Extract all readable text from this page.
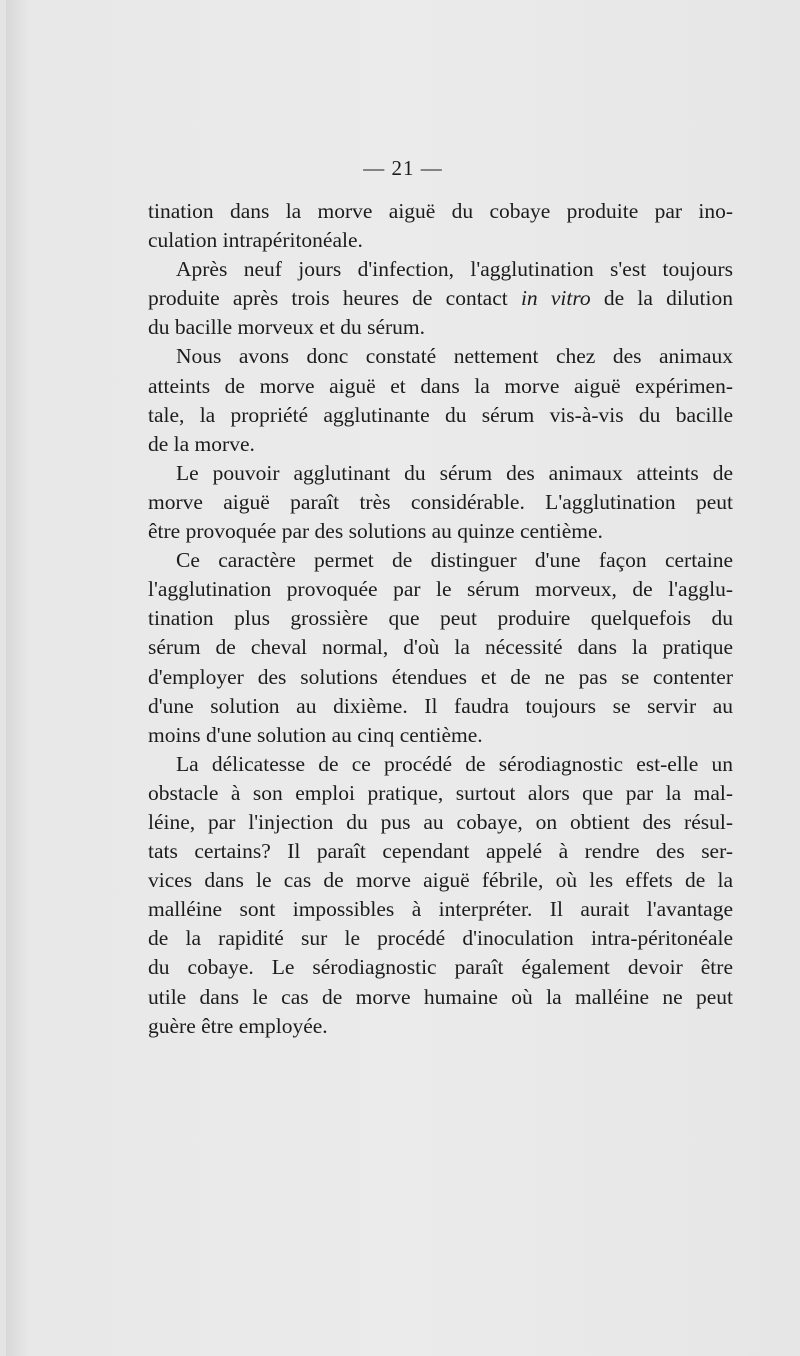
— 21 —
tination dans la morve aiguë du cobaye produite par ino-
culation intrapéritonéale.
Après neuf jours d'infection, l'agglutination s'est toujours
produite après trois heures de contact in vitro de la dilution
du bacille morveux et du sérum.
Nous avons donc constaté nettement chez des animaux
atteints de morve aiguë et dans la morve aiguë expérimen-
tale, la propriété agglutinante du sérum vis-à-vis du bacille
de la morve.
Le pouvoir agglutinant du sérum des animaux atteints de
morve aiguë paraît très considérable. L'agglutination peut
être provoquée par des solutions au quinze centième.
Ce caractère permet de distinguer d'une façon certaine
l'agglutination provoquée par le sérum morveux, de l'agglu-
tination plus grossière que peut produire quelquefois du
sérum de cheval normal, d'où la nécessité dans la pratique
d'employer des solutions étendues et de ne pas se contenter
d'une solution au dixième. Il faudra toujours se servir au
moins d'une solution au cinq centième.
La délicatesse de ce procédé de sérodiagnostic est-elle un
obstacle à son emploi pratique, surtout alors que par la mal-
léine, par l'injection du pus au cobaye, on obtient des résul-
tats certains? Il paraît cependant appelé à rendre des ser-
vices dans le cas de morve aiguë fébrile, où les effets de la
malléine sont impossibles à interpréter. Il aurait l'avantage
de la rapidité sur le procédé d'inoculation intra-péritonéale
du cobaye. Le sérodiagnostic paraît également devoir être
utile dans le cas de morve humaine où la malléine ne peut
guère être employée.
